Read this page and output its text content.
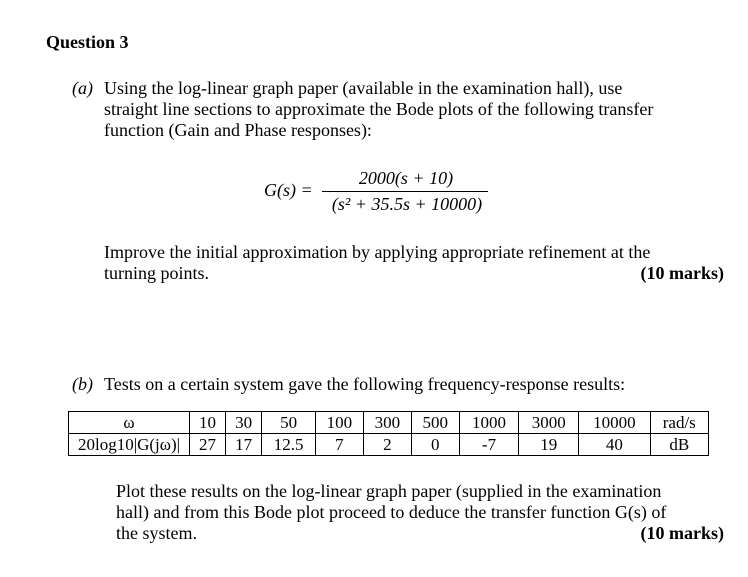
Question 3
(a) Using the log-linear graph paper (available in the examination hall), use
straight line sections to approximate the Bode plots of the following transfer
function (Gain and Phase responses):
G(s) =
2000(s + 10)
(s² + 35.5s + 10000)
Improve the initial approximation by applying appropriate refinement at the
turning points.	(10 marks)
(b) Tests on a certain system gave the following frequency-response results:
ω	10	30	50	100	300	500	1000	3000	10000	rad/s
20log10|G(jω)|	27	17	12.5	7	2	0	-7	19	40	dB
Plot these results on the log-linear graph paper (supplied in the examination
hall) and from this Bode plot proceed to deduce the transfer function G(s) of
the system.	(10 marks)
